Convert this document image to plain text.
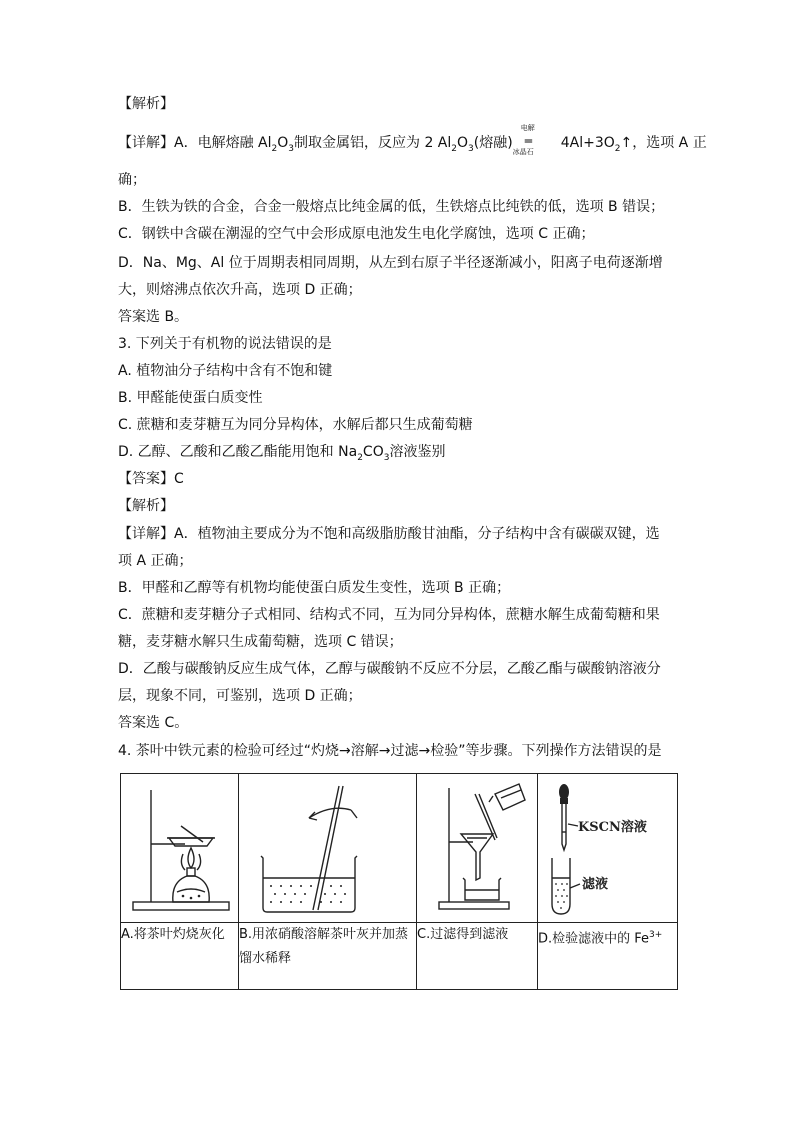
【解析】
【详解】A．电解熔融 $Al_2O_3$制取金属铝，反应为 2 $Al_2O_3$(熔融)
电解
═
冰晶石
$4Al+3O_2↑$，选项 A 正
确；
B．生铁为铁的合金，合金一般熔点比纯金属的低，生铁熔点比纯铁的低，选项 B 错误；
C．钢铁中含碳在潮湿的空气中会形成原电池发生电化学腐蚀，选项 C 正确；
D．Na、Mg、Al 位于周期表相同周期，从左到右原子半径逐渐减小，阳离子电荷逐渐增
大，则熔沸点依次升高，选项 D 正确；
答案选 B。
3. 下列关于有机物的说法错误的是
A. 植物油分子结构中含有不饱和键
B. 甲醛能使蛋白质变性
C. 蔗糖和麦芽糖互为同分异构体，水解后都只生成葡萄糖
D. 乙醇、乙酸和乙酸乙酯能用饱和 $Na_2CO_3$溶液鉴别
【答案】C
【解析】
【详解】A．植物油主要成分为不饱和高级脂肪酸甘油酯，分子结构中含有碳碳双键，选
项 A 正确；
B．甲醛和乙醇等有机物均能使蛋白质发生变性，选项 B 正确；
C．蔗糖和麦芽糖分子式相同、结构式不同，互为同分异构体，蔗糖水解生成葡萄糖和果
糖，麦芽糖水解只生成葡萄糖，选项 C 错误；
D．乙酸与碳酸钠反应生成气体，乙醇与碳酸钠不反应不分层，乙酸乙酯与碳酸钠溶液分
层，现象不同，可鉴别，选项 D 正确；
答案选 C。
4. 茶叶中铁元素的检验可经过“灼烧→溶解→过滤→检验”等步骤。下列操作方法错误的是

KSCN溶液
滤液

A.将茶叶灼烧灰化	B.用浓硝酸溶解茶叶灰并加蒸馏水稀释	C.过滤得到滤液	D.检验滤液中的 $Fe^{3+}$
